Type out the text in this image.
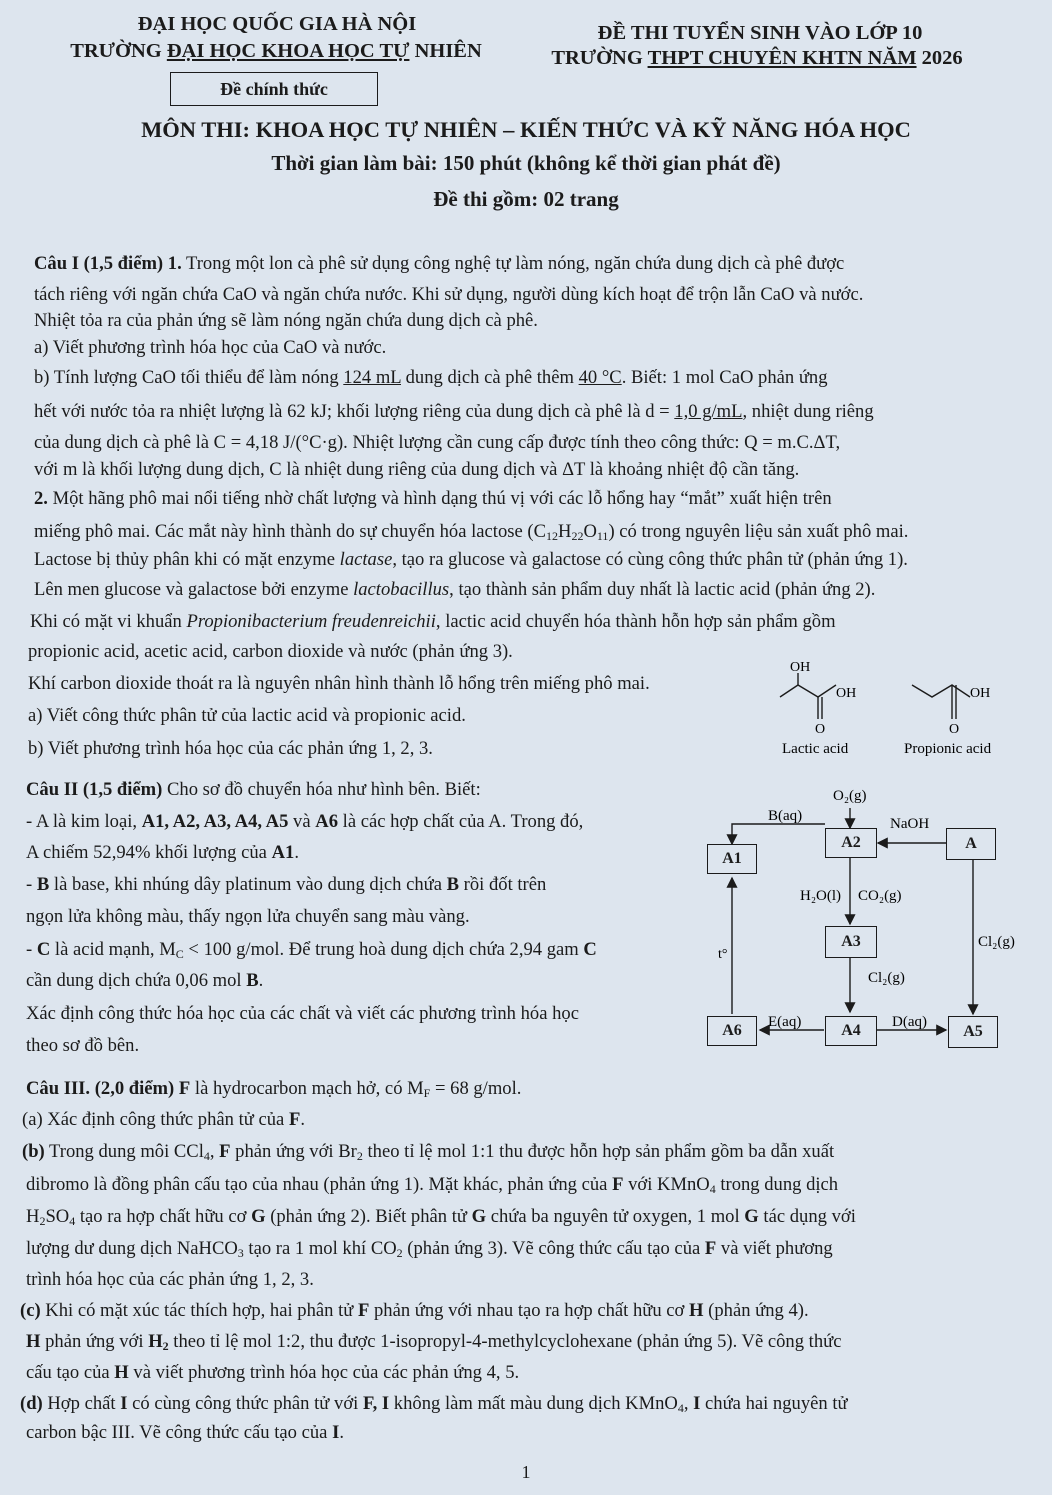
ĐẠI HỌC QUỐC GIA HÀ NỘI
TRƯỜNG ĐẠI HỌC KHOA HỌC TỰ NHIÊN
ĐỀ THI TUYỂN SINH VÀO LỚP 10
TRƯỜNG THPT CHUYÊN KHTN NĂM 2026
Đề chính thức
MÔN THI: KHOA HỌC TỰ NHIÊN – KIẾN THỨC VÀ KỸ NĂNG HÓA HỌC
Thời gian làm bài: 150 phút (không kể thời gian phát đề)
Đề thi gồm: 02 trang
Câu I (1,5 điểm) 1. Trong một lon cà phê sử dụng công nghệ tự làm nóng, ngăn chứa dung dịch cà phê được
tách riêng với ngăn chứa CaO và ngăn chứa nước. Khi sử dụng, người dùng kích hoạt để trộn lẫn CaO và nước.
Nhiệt tỏa ra của phản ứng sẽ làm nóng ngăn chứa dung dịch cà phê.
a) Viết phương trình hóa học của CaO và nước.
b) Tính lượng CaO tối thiểu để làm nóng 124 mL dung dịch cà phê thêm 40 °C. Biết: 1 mol CaO phản ứng
hết với nước tỏa ra nhiệt lượng là 62 kJ; khối lượng riêng của dung dịch cà phê là d = 1,0 g/mL, nhiệt dung riêng
của dung dịch cà phê là C = 4,18 J/(°C·g). Nhiệt lượng cần cung cấp được tính theo công thức: Q = m.C.ΔT,
với m là khối lượng dung dịch, C là nhiệt dung riêng của dung dịch và ΔT là khoảng nhiệt độ cần tăng.
2. Một hãng phô mai nổi tiếng nhờ chất lượng và hình dạng thú vị với các lỗ hổng hay “mắt” xuất hiện trên
miếng phô mai. Các mắt này hình thành do sự chuyển hóa lactose (C12H22O11) có trong nguyên liệu sản xuất phô mai.
Lactose bị thủy phân khi có mặt enzyme lactase, tạo ra glucose và galactose có cùng công thức phân tử (phản ứng 1).
Lên men glucose và galactose bởi enzyme lactobacillus, tạo thành sản phẩm duy nhất là lactic acid (phản ứng 2).
Khi có mặt vi khuẩn Propionibacterium freudenreichii, lactic acid chuyển hóa thành hỗn hợp sản phẩm gồm
propionic acid, acetic acid, carbon dioxide và nước (phản ứng 3).
Khí carbon dioxide thoát ra là nguyên nhân hình thành lỗ hổng trên miếng phô mai.
a) Viết công thức phân tử của lactic acid và propionic acid.
b) Viết phương trình hóa học của các phản ứng 1, 2, 3.
OH
OH
O
Lactic acid
OH
O
Propionic acid
Câu II (1,5 điểm) Cho sơ đồ chuyển hóa như hình bên. Biết:
- A là kim loại, A1, A2, A3, A4, A5 và A6 là các hợp chất của A. Trong đó,
A chiếm 52,94% khối lượng của A1.
- B là base, khi nhúng dây platinum vào dung dịch chứa B rồi đốt trên
ngọn lửa không màu, thấy ngọn lửa chuyển sang màu vàng.
- C là acid mạnh, MC < 100 g/mol. Để trung hoà dung dịch chứa 2,94 gam C
cần dung dịch chứa 0,06 mol B.
Xác định công thức hóa học của các chất và viết các phương trình hóa học
theo sơ đồ bên.
O₂(g)
B(aq)	NaOH
H₂O(l) CO₂(g)
Cl₂(g)
Cl₂(g)
t°
E(aq)	D(aq)
A1
A2	A
A3
A6	A4	A5
Câu III. (2,0 điểm) F là hydrocarbon mạch hở, có MF = 68 g/mol.
(a) Xác định công thức phân tử của F.
(b) Trong dung môi CCl4, F phản ứng với Br2 theo tỉ lệ mol 1:1 thu được hỗn hợp sản phẩm gồm ba dẫn xuất
dibromo là đồng phân cấu tạo của nhau (phản ứng 1). Mặt khác, phản ứng của F với KMnO4 trong dung dịch
H2SO4 tạo ra hợp chất hữu cơ G (phản ứng 2). Biết phân tử G chứa ba nguyên tử oxygen, 1 mol G tác dụng với
lượng dư dung dịch NaHCO3 tạo ra 1 mol khí CO2 (phản ứng 3). Vẽ công thức cấu tạo của F và viết phương
trình hóa học của các phản ứng 1, 2, 3.
(c) Khi có mặt xúc tác thích hợp, hai phân tử F phản ứng với nhau tạo ra hợp chất hữu cơ H (phản ứng 4).
H phản ứng với H2 theo tỉ lệ mol 1:2, thu được 1-isopropyl-4-methylcyclohexane (phản ứng 5). Vẽ công thức
cấu tạo của H và viết phương trình hóa học của các phản ứng 4, 5.
(d) Hợp chất I có cùng công thức phân tử với F, I không làm mất màu dung dịch KMnO4, I chứa hai nguyên tử
carbon bậc III. Vẽ công thức cấu tạo của I.
1
